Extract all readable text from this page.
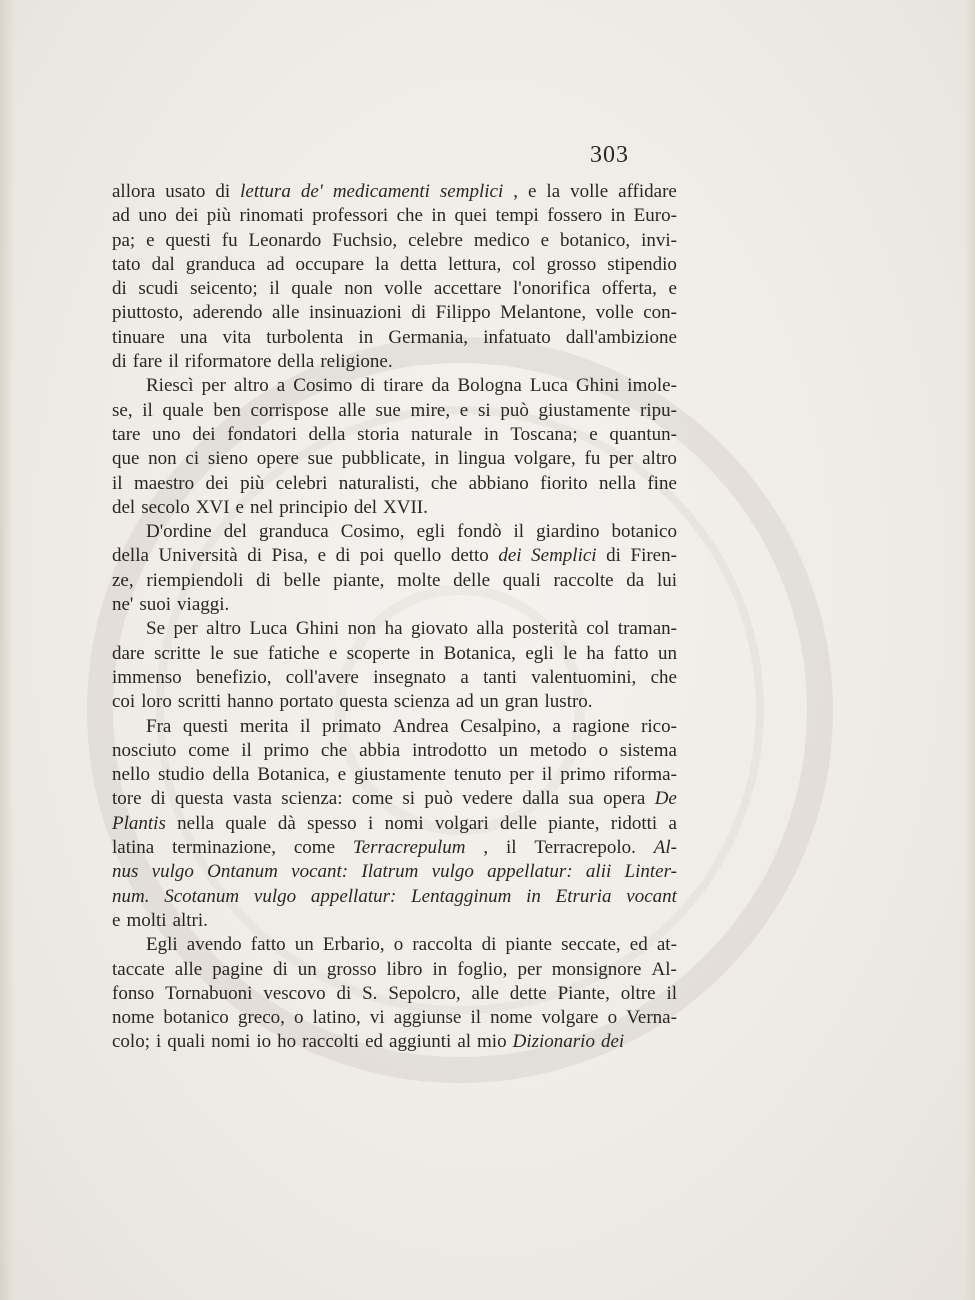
303
allora usato di lettura de' medicamenti semplici , e la volle affidare
ad uno dei più rinomati professori che in quei tempi fossero in Euro-
pa; e questi fu Leonardo Fuchsio, celebre medico e botanico, invi-
tato dal granduca ad occupare la detta lettura, col grosso stipendio
di scudi seicento; il quale non volle accettare l'onorifica offerta, e
piuttosto, aderendo alle insinuazioni di Filippo Melantone, volle con-
tinuare una vita turbolenta in Germania, infatuato dall'ambizione
di fare il riformatore della religione.
Riescì per altro a Cosimo di tirare da Bologna Luca Ghini imole-
se, il quale ben corrispose alle sue mire, e si può giustamente ripu-
tare uno dei fondatori della storia naturale in Toscana; e quantun-
que non ci sieno opere sue pubblicate, in lingua volgare, fu per altro
il maestro dei più celebri naturalisti, che abbiano fiorito nella fine
del secolo XVI e nel principio del XVII.
D'ordine del granduca Cosimo, egli fondò il giardino botanico
della Università di Pisa, e di poi quello detto dei Semplici di Firen-
ze, riempiendoli di belle piante, molte delle quali raccolte da lui
ne' suoi viaggi.
Se per altro Luca Ghini non ha giovato alla posterità col traman-
dare scritte le sue fatiche e scoperte in Botanica, egli le ha fatto un
immenso benefizio, coll'avere insegnato a tanti valentuomini, che
coi loro scritti hanno portato questa scienza ad un gran lustro.
Fra questi merita il primato Andrea Cesalpino, a ragione rico-
nosciuto come il primo che abbia introdotto un metodo o sistema
nello studio della Botanica, e giustamente tenuto per il primo riforma-
tore di questa vasta scienza: come si può vedere dalla sua opera De
Plantis nella quale dà spesso i nomi volgari delle piante, ridotti a
latina terminazione, come Terracrepulum , il Terracrepolo. Al-
nus vulgo Ontanum vocant: Ilatrum vulgo appellatur: alii Linter-
num. Scotanum vulgo appellatur: Lentagginum in Etruria vocant
e molti altri.
Egli avendo fatto un Erbario, o raccolta di piante seccate, ed at-
taccate alle pagine di un grosso libro in foglio, per monsignore Al-
fonso Tornabuoni vescovo di S. Sepolcro, alle dette Piante, oltre il
nome botanico greco, o latino, vi aggiunse il nome volgare o Verna-
colo; i quali nomi io ho raccolti ed aggiunti al mio Dizionario dei
